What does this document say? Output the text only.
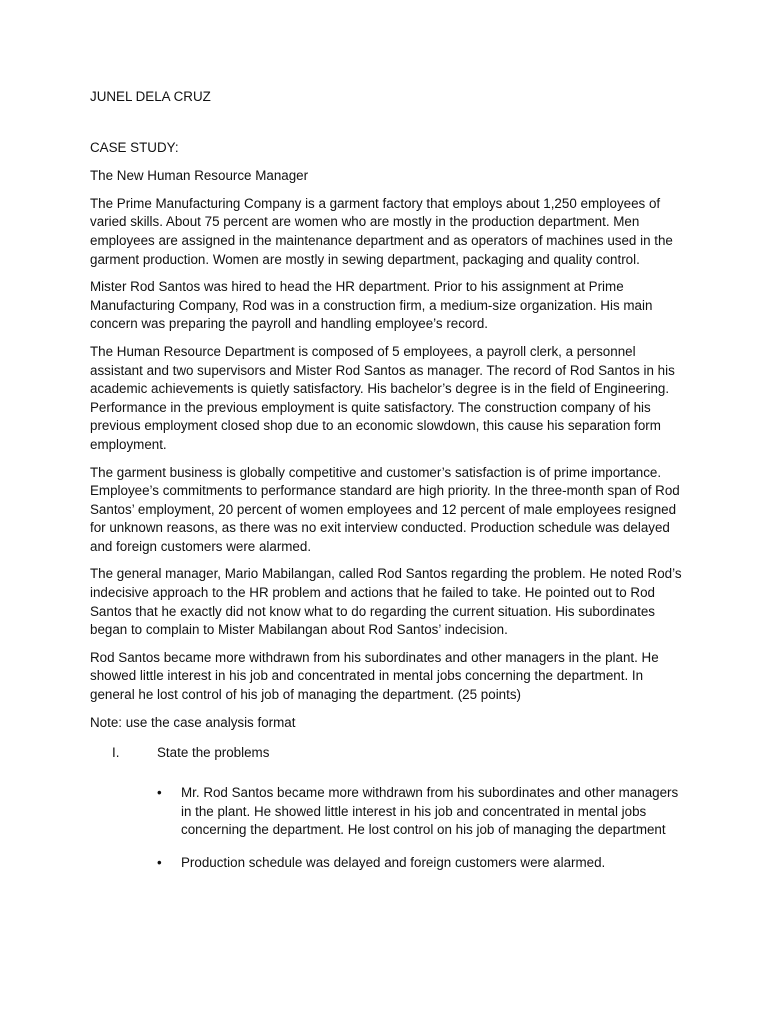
JUNEL DELA CRUZ

CASE STUDY:

The New Human Resource Manager

The Prime Manufacturing Company is a garment factory that employs about 1,250 employees of varied skills. About 75 percent are women who are mostly in the production department. Men employees are assigned in the maintenance department and as operators of machines used in the garment production. Women are mostly in sewing department, packaging and quality control.

Mister Rod Santos was hired to head the HR department. Prior to his assignment at Prime Manufacturing Company, Rod was in a construction firm, a medium-size organization. His main concern was preparing the payroll and handling employee’s record.

The Human Resource Department is composed of 5 employees, a payroll clerk, a personnel assistant and two supervisors and Mister Rod Santos as manager. The record of Rod Santos in his academic achievements is quietly satisfactory. His bachelor’s degree is in the field of Engineering. Performance in the previous employment is quite satisfactory. The construction company of his previous employment closed shop due to an economic slowdown, this cause his separation form employment.

The garment business is globally competitive and customer’s satisfaction is of prime importance. Employee’s commitments to performance standard are high priority. In the three-month span of Rod Santos’ employment, 20 percent of women employees and 12 percent of male employees resigned for unknown reasons, as there was no exit interview conducted. Production schedule was delayed and foreign customers were alarmed.

The general manager, Mario Mabilangan, called Rod Santos regarding the problem. He noted Rod’s indecisive approach to the HR problem and actions that he failed to take. He pointed out to Rod Santos that he exactly did not know what to do regarding the current situation. His subordinates began to complain to Mister Mabilangan about Rod Santos’ indecision.

Rod Santos became more withdrawn from his subordinates and other managers in the plant. He showed little interest in his job and concentrated in mental jobs concerning the department. In general he lost control of his job of managing the department. (25 points)

Note: use the case analysis format

I.	State the problems
• Mr. Rod Santos became more withdrawn from his subordinates and other managers in the plant. He showed little interest in his job and concentrated in mental jobs concerning the department. He lost control on his job of managing the department
• Production schedule was delayed and foreign customers were alarmed.
